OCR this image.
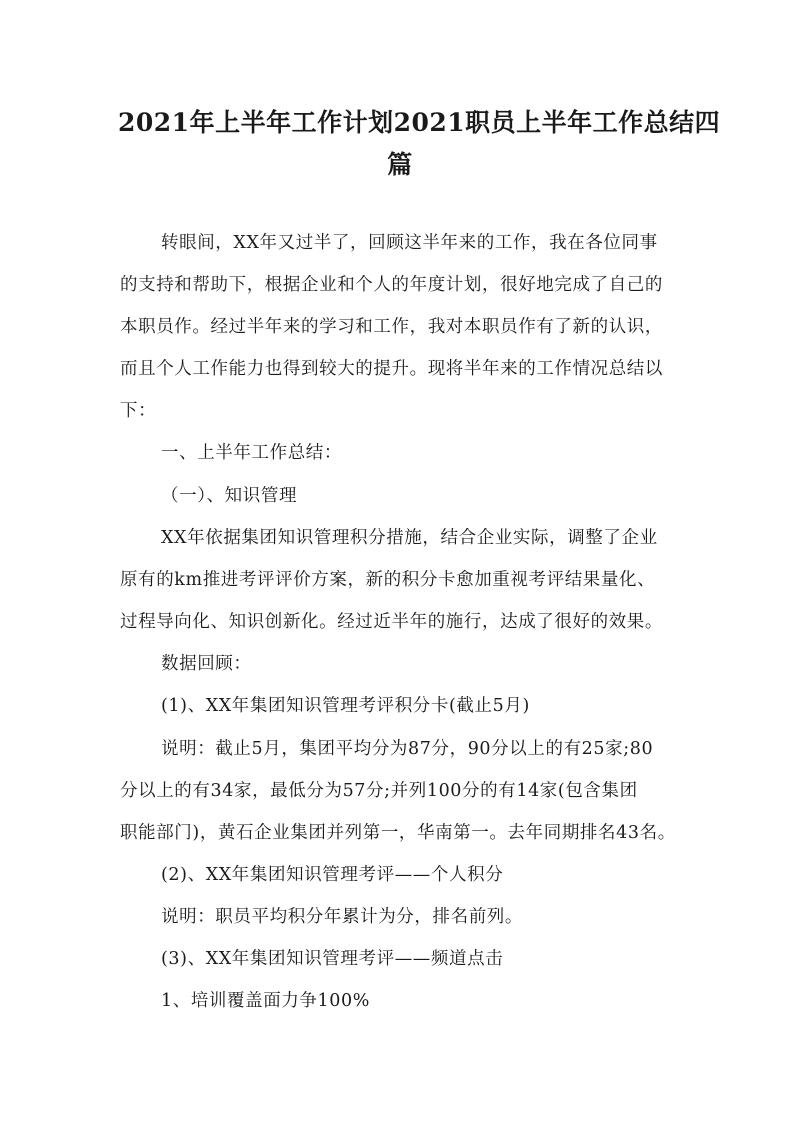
2021年上半年工作计划2021职员上半年工作总结四
篇
转眼间，XX年又过半了，回顾这半年来的工作，我在各位同事
的支持和帮助下，根据企业和个人的年度计划，很好地完成了自己的
本职员作。经过半年来的学习和工作，我对本职员作有了新的认识，
而且个人工作能力也得到较大的提升。现将半年来的工作情况总结以
下：
一、上半年工作总结：
（一）、知识管理
XX年依据集团知识管理积分措施，结合企业实际，调整了企业
原有的km推进考评评价方案，新的积分卡愈加重视考评结果量化、
过程导向化、知识创新化。经过近半年的施行，达成了很好的效果。
数据回顾：
(1)、XX年集团知识管理考评积分卡(截止5月)
说明：截止5月，集团平均分为87分，90分以上的有25家;80
分以上的有34家，最低分为57分;并列100分的有14家(包含集团
职能部门)，黄石企业集团并列第一，华南第一。去年同期排名43名。
(2)、XX年集团知识管理考评——个人积分
说明：职员平均积分年累计为分，排名前列。
(3)、XX年集团知识管理考评——频道点击
1、培训覆盖面力争100%
